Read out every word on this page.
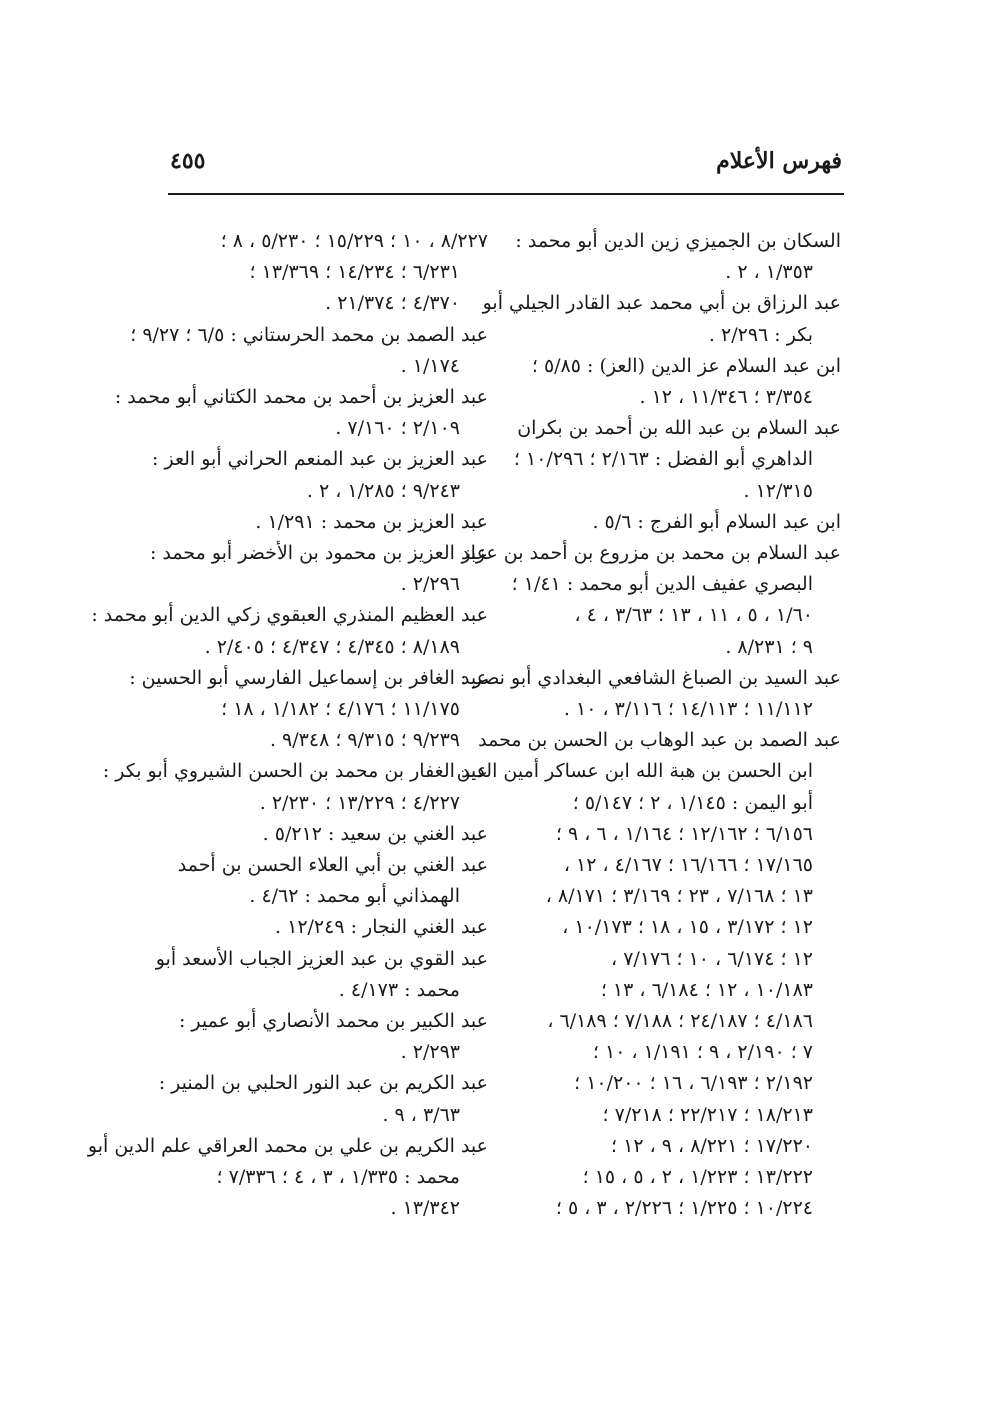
فهرس الأعلام
٤٥٥
السكان بن الجميزي زين الدين أبو محمد :
١/٣٥٣ ، ٢ .
عبد الرزاق بن أبي محمد عبد القادر الجيلي أبو
بكر : ٢/٢٩٦ .
ابن عبد السلام عز الدين (العز) : ٥/٨٥ ؛
٣/٣٥٤ ؛ ١١/٣٤٦ ، ١٢ .
عبد السلام بن عبد الله بن أحمد بن بكران
الداهري أبو الفضل : ٢/١٦٣ ؛ ١٠/٢٩٦ ؛
١٢/٣١٥ .
ابن عبد السلام أبو الفرج : ٥/٦ .
عبد السلام بن محمد بن مزروع بن أحمد بن عزاز
البصري عفيف الدين أبو محمد : ١/٤١ ؛
١/٦٠ ، ٥ ، ١١ ، ١٣ ؛ ٣/٦٣ ، ٤ ،
٩ ؛ ٨/٢٣١ .
عبد السيد بن الصباغ الشافعي البغدادي أبو نصر :
١١/١١٢ ؛ ١٤/١١٣ ؛ ٣/١١٦ ، ١٠ .
عبد الصمد بن عبد الوهاب بن الحسن بن محمد
ابن الحسن بن هبة الله ابن عساكر أمين الدين
أبو اليمن : ١/١٤٥ ، ٢ ؛ ٥/١٤٧ ؛
٦/١٥٦ ؛ ١٢/١٦٢ ؛ ١/١٦٤ ، ٦ ، ٩ ؛
١٧/١٦٥ ؛ ١٦/١٦٦ ؛ ٤/١٦٧ ، ١٢ ،
١٣ ؛ ٧/١٦٨ ، ٢٣ ؛ ٣/١٦٩ ؛ ٨/١٧١ ،
١٢ ؛ ٣/١٧٢ ، ١٥ ، ١٨ ؛ ١٠/١٧٣ ،
١٢ ؛ ٦/١٧٤ ، ١٠ ؛ ٧/١٧٦ ،
١٠/١٨٣ ، ١٢ ؛ ٦/١٨٤ ، ١٣ ؛
٤/١٨٦ ؛ ٢٤/١٨٧ ؛ ٧/١٨٨ ؛ ٦/١٨٩ ،
٧ ؛ ٢/١٩٠ ، ٩ ؛ ١/١٩١ ، ١٠ ؛
٢/١٩٢ ؛ ٦/١٩٣ ، ١٦ ؛ ١٠/٢٠٠ ؛
١٨/٢١٣ ؛ ٢٢/٢١٧ ؛ ٧/٢١٨ ؛
١٧/٢٢٠ ؛ ٨/٢٢١ ، ٩ ، ١٢ ؛
١٣/٢٢٢ ؛ ١/٢٢٣ ، ٢ ، ٥ ، ١٥ ؛
١٠/٢٢٤ ؛ ١/٢٢٥ ؛ ٢/٢٢٦ ، ٣ ، ٥ ؛
٨/٢٢٧ ، ١٠ ؛ ١٥/٢٢٩ ؛ ٥/٢٣٠ ، ٨ ؛
٦/٢٣١ ؛ ١٤/٢٣٤ ؛ ١٣/٣٦٩ ؛
٤/٣٧٠ ؛ ٢١/٣٧٤ .
عبد الصمد بن محمد الحرستاني : ٦/٥ ؛ ٩/٢٧ ؛
١/١٧٤ .
عبد العزيز بن أحمد بن محمد الكتاني أبو محمد :
٢/١٠٩ ؛ ٧/١٦٠ .
عبد العزيز بن عبد المنعم الحراني أبو العز :
٩/٢٤٣ ؛ ١/٢٨٥ ، ٢ .
عبد العزيز بن محمد : ١/٢٩١ .
عبد العزيز بن محمود بن الأخضر أبو محمد :
٢/٢٩٦ .
عبد العظيم المنذري العبقوي زكي الدين أبو محمد :
٨/١٨٩ ؛ ٤/٣٤٥ ؛ ٤/٣٤٧ ؛ ٢/٤٠٥ .
عبد الغافر بن إسماعيل الفارسي أبو الحسين :
١١/١٧٥ ؛ ٤/١٧٦ ؛ ١/١٨٢ ، ١٨ ؛
٩/٢٣٩ ؛ ٩/٣١٥ ؛ ٩/٣٤٨ .
عبد الغفار بن محمد بن الحسن الشيروي أبو بكر :
٤/٢٢٧ ؛ ١٣/٢٢٩ ؛ ٢/٢٣٠ .
عبد الغني بن سعيد : ٥/٢١٢ .
عبد الغني بن أبي العلاء الحسن بن أحمد
الهمذاني أبو محمد : ٤/٦٢ .
عبد الغني النجار : ١٢/٢٤٩ .
عبد القوي بن عبد العزيز الجباب الأسعد أبو
محمد : ٤/١٧٣ .
عبد الكبير بن محمد الأنصاري أبو عمير :
٢/٢٩٣ .
عبد الكريم بن عبد النور الحلبي بن المنير :
٣/٦٣ ، ٩ .
عبد الكريم بن علي بن محمد العراقي علم الدين أبو
محمد : ١/٣٣٥ ، ٣ ، ٤ ؛ ٧/٣٣٦ ؛
١٣/٣٤٢ .
